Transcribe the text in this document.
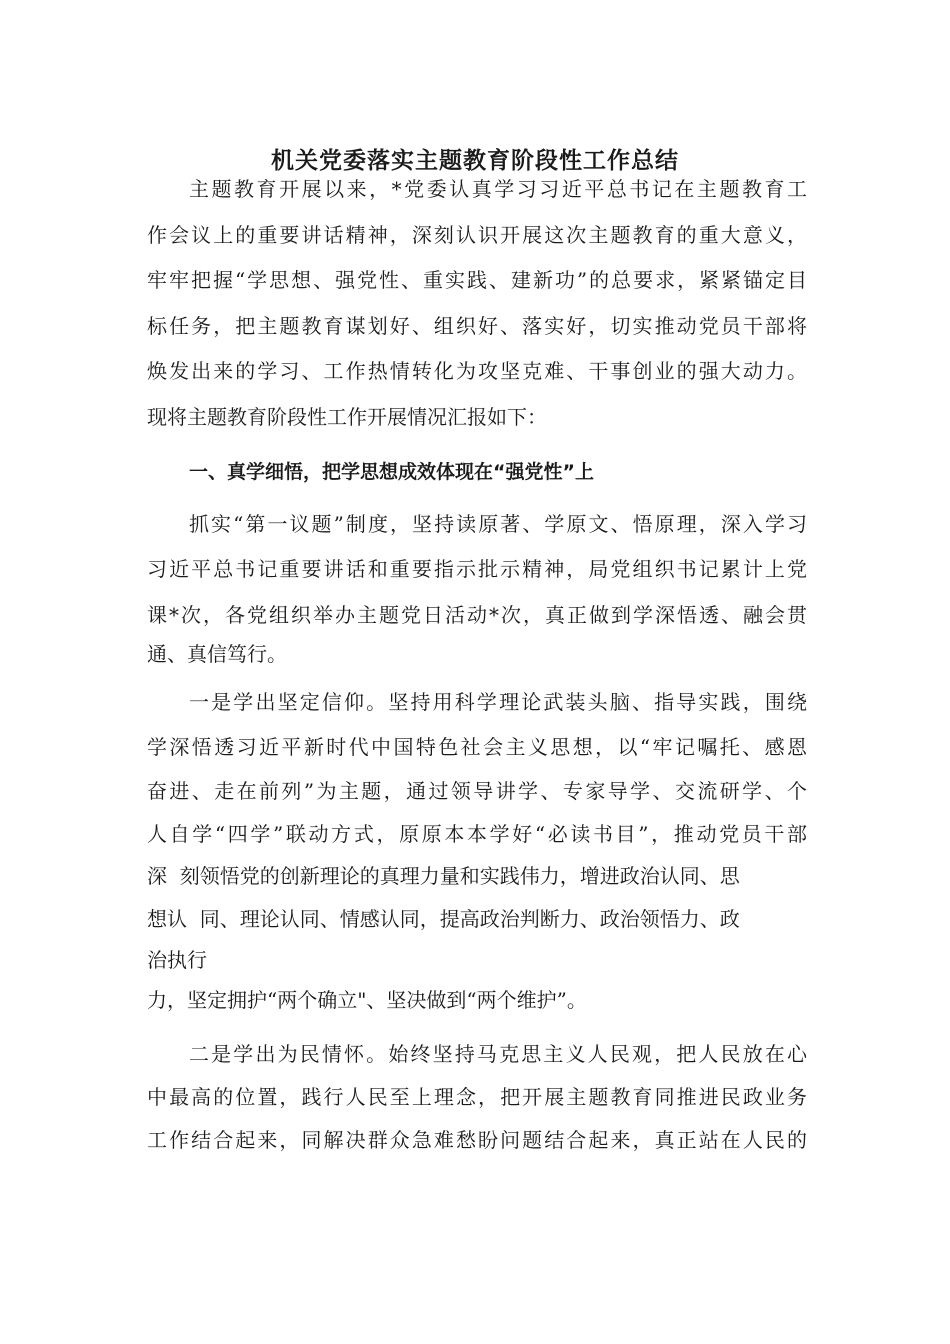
机关党委落实主题教育阶段性工作总结
主题教育开展以来，*党委认真学习习近平总书记在主题教育工
作会议上的重要讲话精神，深刻认识开展这次主题教育的重大意义，
牢牢把握“学思想、强党性、重实践、建新功”的总要求，紧紧锚定目
标任务，把主题教育谋划好、组织好、落实好，切实推动党员干部将
焕发出来的学习、工作热情转化为攻坚克难、干事创业的强大动力。
现将主题教育阶段性工作开展情况汇报如下：
一、真学细悟，把学思想成效体现在“强党性”上
抓实“第一议题”制度，坚持读原著、学原文、悟原理，深入学习
习近平总书记重要讲话和重要指示批示精神，局党组织书记累计上党
课*次，各党组织举办主题党日活动*次，真正做到学深悟透、融会贯
通、真信笃行。
一是学出坚定信仰。坚持用科学理论武装头脑、指导实践，围绕
学深悟透习近平新时代中国特色社会主义思想，以“牢记嘱托、感恩
奋进、走在前列”为主题，通过领导讲学、专家导学、交流研学、个
人自学“四学”联动方式，原原本本学好“必读书目”，推动党员干部
深  刻领悟党的创新理论的真理力量和实践伟力，增进政治认同、思
想认  同、理论认同、情感认同，提高政治判断力、政治领悟力、政
治执行
力，坚定拥护“两个确立"、坚决做到“两个维护”。
二是学出为民情怀。始终坚持马克思主义人民观，把人民放在心
中最高的位置，践行人民至上理念，把开展主题教育同推进民政业务
工作结合起来，同解决群众急难愁盼问题结合起来，真正站在人民的
